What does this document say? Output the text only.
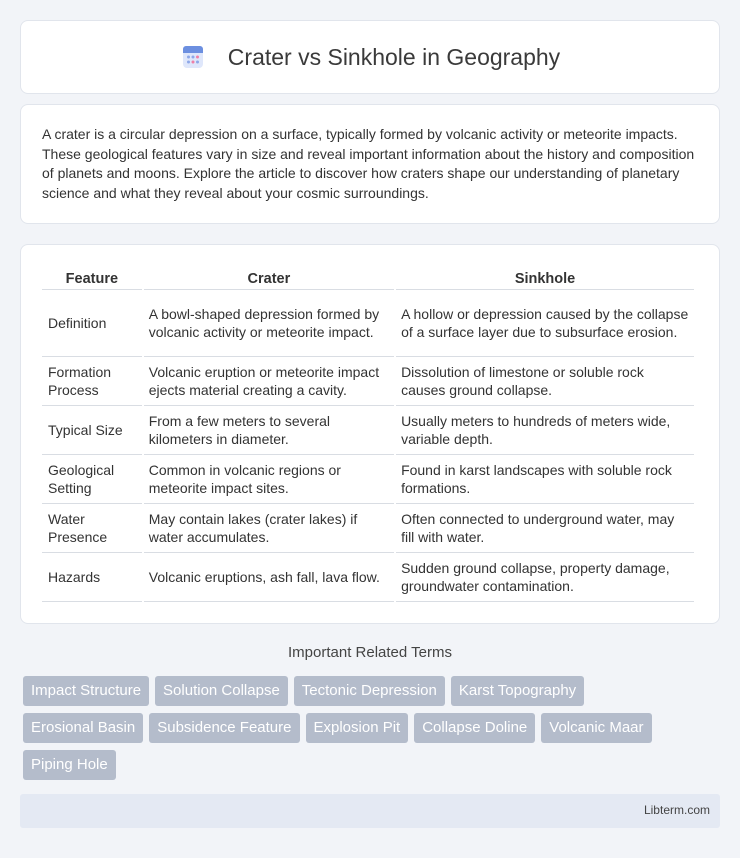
Crater vs Sinkhole in Geography

A crater is a circular depression on a surface, typically formed by volcanic activity or meteorite impacts. These geological features vary in size and reveal important information about the history and composition of planets and moons. Explore the article to discover how craters shape our understanding of planetary science and what they reveal about your cosmic surroundings.

Feature	Crater	Sinkhole
Definition	A bowl-shaped depression formed by volcanic activity or meteorite impact.	A hollow or depression caused by the collapse of a surface layer due to subsurface erosion.
Formation Process	Volcanic eruption or meteorite impact ejects material creating a cavity.	Dissolution of limestone or soluble rock causes ground collapse.
Typical Size	From a few meters to several kilometers in diameter.	Usually meters to hundreds of meters wide, variable depth.
Geological Setting	Common in volcanic regions or meteorite impact sites.	Found in karst landscapes with soluble rock formations.
Water Presence	May contain lakes (crater lakes) if water accumulates.	Often connected to underground water, may fill with water.
Hazards	Volcanic eruptions, ash fall, lava flow.	Sudden ground collapse, property damage, groundwater contamination.
Important Related Terms
Impact Structure	Solution Collapse	Tectonic Depression	Karst Topography
Erosional Basin	Subsidence Feature	Explosion Pit	Collapse Doline	Volcanic Maar
Piping Hole
Libterm.com
